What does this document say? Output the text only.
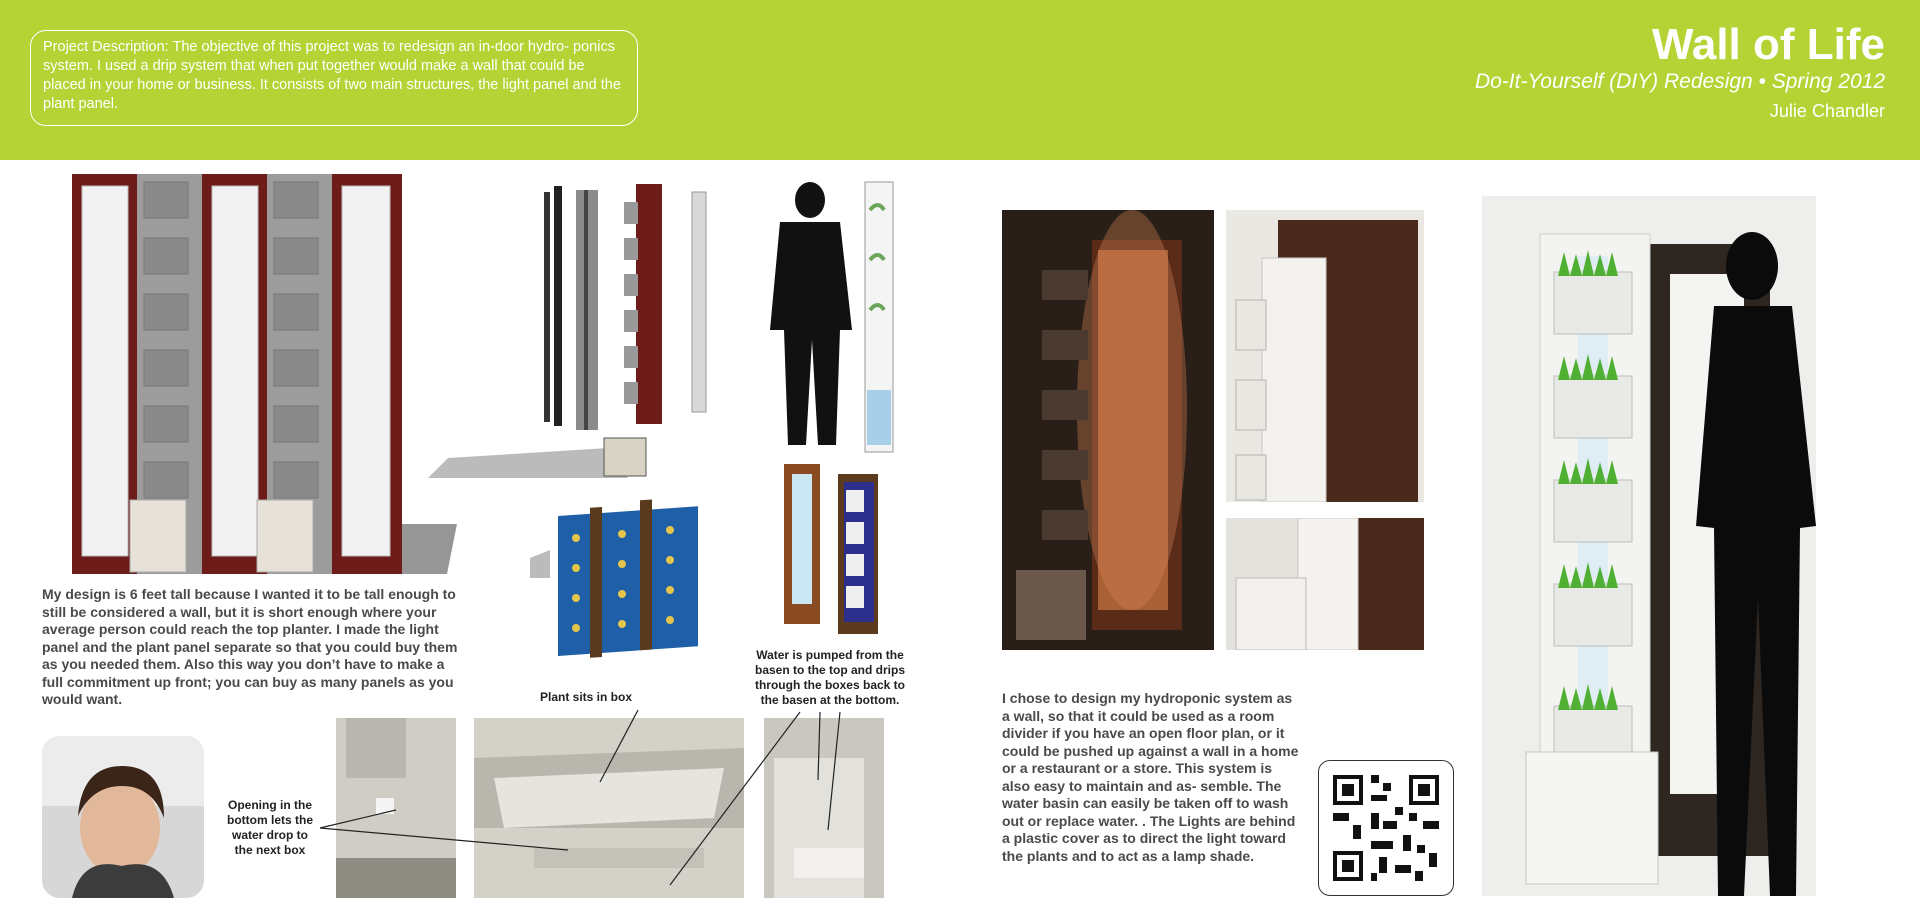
Project Description: The objective of this project was to redesign an in-door hydro- ponics system. I used a drip system that when put together would make a wall that could be placed in your home or business. It consists of two main structures, the light panel and the plant panel.
Wall of Life
Do-It-Yourself (DIY) Redesign • Spring 2012
Julie Chandler
My design is 6 feet tall because I wanted it to be tall enough to still be considered a wall, but it is short enough where your average person could reach the top planter. I made the light panel and the plant panel separate so that you could buy them as you needed them. Also this way you don’t have to make a full commitment up front; you can buy as many panels as you would want.	Plant sits in box
Water is pumped from the basen to the top and drips through the boxes back to the basen at the bottom.
Opening in the bottom lets the water drop to the next box
I chose to design my hydroponic system as a wall, so that it could be used as a room divider if you have an open floor plan, or it could be pushed up against a wall in a home or a restaurant or a store. This system is also easy to maintain and as- semble. The water basin can easily be taken off to wash out or replace water. . The Lights are behind a plastic cover as to direct the light toward the plants and to act as a lamp shade.
